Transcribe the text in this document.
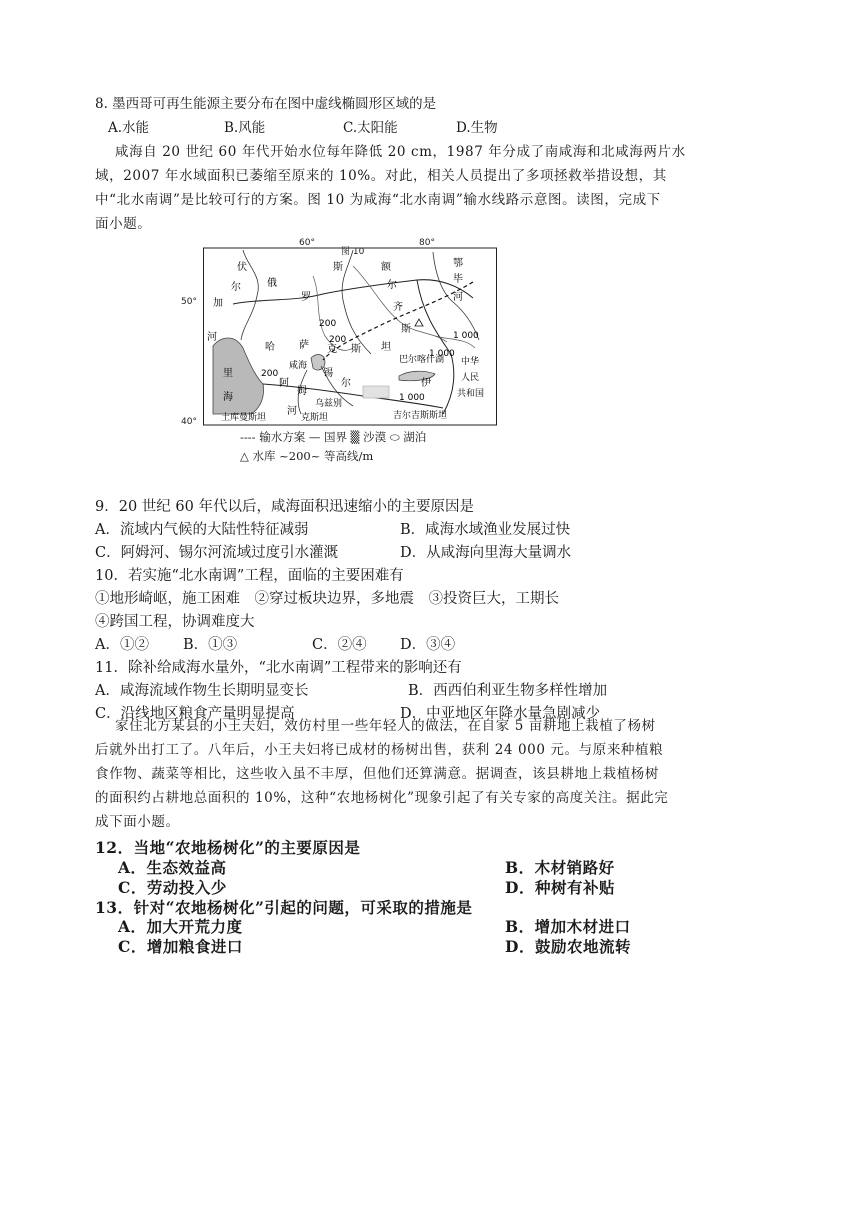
8. 墨西哥可再生能源主要分布在图中虚线椭圆形区域的是
A.水能	B.风能	C.太阳能	D.生物
咸海自 20 世纪 60 年代开始水位每年降低 20 cm，1987 年分成了南咸海和北咸海两片水
域，2007 年水域面积已萎缩至原来的 10%。对此，相关人员提出了多项拯救举措设想，其
中“北水南调”是比较可行的方案。图 10 为咸海“北水南调”输水线路示意图。读图，完成下
面小题。
60°	80°
图 10
50°
40°
伏
尔
加
河
俄
罗
斯
哈 萨 克 斯 坦
额
尔
齐
斯
鄂
毕
河
里
海
咸海
阿
姆
河
锡
尔
巴尔喀什湖
伊
中华
人民
共和国
乌兹别
土库曼斯坦	克斯坦	吉尔吉斯斯坦
200
200	1 000
1 000
1 000
200
---- 输水方案 — 国界 ▒ 沙漠 ⬭ 湖泊
△ 水库 ~200~ 等高线/m
9．20 世纪 60 年代以后，咸海面积迅速缩小的主要原因是
A．流域内气候的大陆性特征减弱	B．咸海水域渔业发展过快
C．阿姆河、锡尔河流域过度引水灌溉	D．从咸海向里海大量调水
10．若实施“北水南调”工程，面临的主要困难有
①地形崎岖，施工困难　②穿过板块边界，多地震　③投资巨大，工期长
④跨国工程，协调难度大
A．①② B．①③	C．②④ D．③④
11．除补给咸海水量外，“北水南调”工程带来的影响还有
A．咸海流域作物生长期明显变长	B．西西伯利亚生物多样性增加
C．沿线地区粮食产量明显提高	D．中亚地区年降水量急剧减少
家住北方某县的小王夫妇，效仿村里一些年轻人的做法，在自家 5 亩耕地上栽植了杨树
后就外出打工了。八年后，小王夫妇将已成材的杨树出售，获利 24 000 元。与原来种植粮
食作物、蔬菜等相比，这些收入虽不丰厚，但他们还算满意。据调查，该县耕地上栽植杨树
的面积约占耕地总面积的 10%，这种“农地杨树化”现象引起了有关专家的高度关注。据此完
成下面小题。
12．当地“农地杨树化”的主要原因是
A．生态效益高	B．木材销路好
C．劳动投入少	D．种树有补贴
13．针对“农地杨树化”引起的问题，可采取的措施是
A．加大开荒力度	B．增加木材进口
C．增加粮食进口	D．鼓励农地流转
